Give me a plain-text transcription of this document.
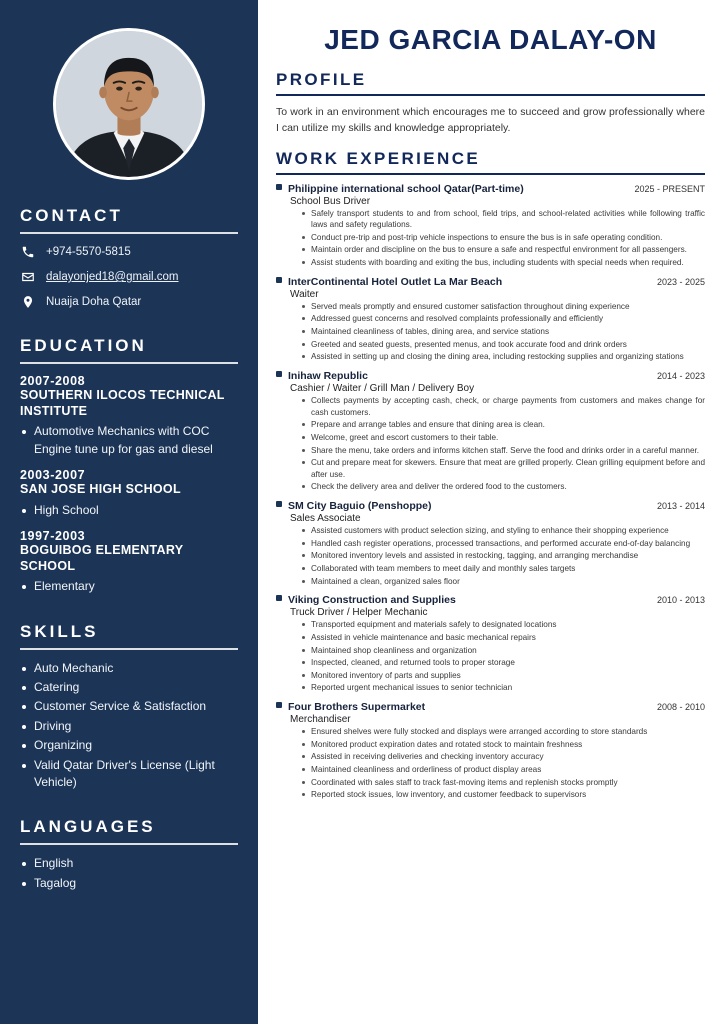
CONTACT
+974-5570-5815
dalayonjed18@gmail.com
Nuaija Doha Qatar
EDUCATION
2007-2008
SOUTHERN ILOCOS TECHNICAL INSTITUTE
Automotive Mechanics with COC Engine tune up for gas and diesel
2003-2007
SAN JOSE HIGH SCHOOL
High School
1997-2003
BOGUIBOG ELEMENTARY SCHOOL
Elementary
SKILLS
Auto Mechanic
Catering
Customer Service & Satisfaction
Driving
Organizing
Valid Qatar Driver's License (Light Vehicle)
LANGUAGES
English
Tagalog
JED GARCIA DALAY-ON
PROFILE

To work in an environment which encourages me to succeed and grow professionally where I can utilize my skills and knowledge appropriately.

WORK EXPERIENCE
Philippine international school Qatar(Part-time)	2025 - PRESENT
School Bus Driver
Safely transport students to and from school, field trips, and school-related activities while following traffic laws and safety regulations.
Conduct pre-trip and post-trip vehicle inspections to ensure the bus is in safe operating condition.
Maintain order and discipline on the bus to ensure a safe and respectful environment for all passengers.
Assist students with boarding and exiting the bus, including students with special needs when required.
InterContinental Hotel Outlet La Mar Beach	2023 - 2025
Waiter
Served meals promptly and ensured customer satisfaction throughout dining experience
Addressed guest concerns and resolved complaints professionally and efficiently
Maintained cleanliness of tables, dining area, and service stations
Greeted and seated guests, presented menus, and took accurate food and drink orders
Assisted in setting up and closing the dining area, including restocking supplies and organizing stations
Inihaw Republic	2014 - 2023
Cashier / Waiter / Grill Man / Delivery Boy
Collects payments by accepting cash, check, or charge payments from customers and makes change for cash customers.
Prepare and arrange tables and ensure that dining area is clean.
Welcome, greet and escort customers to their table.
Share the menu, take orders and informs kitchen staff. Serve the food and drinks order in a careful manner.
Cut and prepare meat for skewers. Ensure that meat are grilled properly. Clean grilling equipment before and after use.
Check the delivery area and deliver the ordered food to the customers.
SM City Baguio (Penshoppe)	2013 - 2014
Sales Associate
Assisted customers with product selection sizing, and styling to enhance their shopping experience
Handled cash register operations, processed transactions, and performed accurate end-of-day balancing
Monitored inventory levels and assisted in restocking, tagging, and arranging merchandise
Collaborated with team members to meet daily and monthly sales targets
Maintained a clean, organized sales floor
Viking Construction and Supplies	2010 - 2013
Truck Driver / Helper Mechanic
Transported equipment and materials safely to designated locations
Assisted in vehicle maintenance and basic mechanical repairs
Maintained shop cleanliness and organization
Inspected, cleaned, and returned tools to proper storage
Monitored inventory of parts and supplies
Reported urgent mechanical issues to senior technician
Four Brothers Supermarket	2008 - 2010
Merchandiser
Ensured shelves were fully stocked and displays were arranged according to store standards
Monitored product expiration dates and rotated stock to maintain freshness
Assisted in receiving deliveries and checking inventory accuracy
Maintained cleanliness and orderliness of product display areas
Coordinated with sales staff to track fast-moving items and replenish stocks promptly
Reported stock issues, low inventory, and customer feedback to supervisors
